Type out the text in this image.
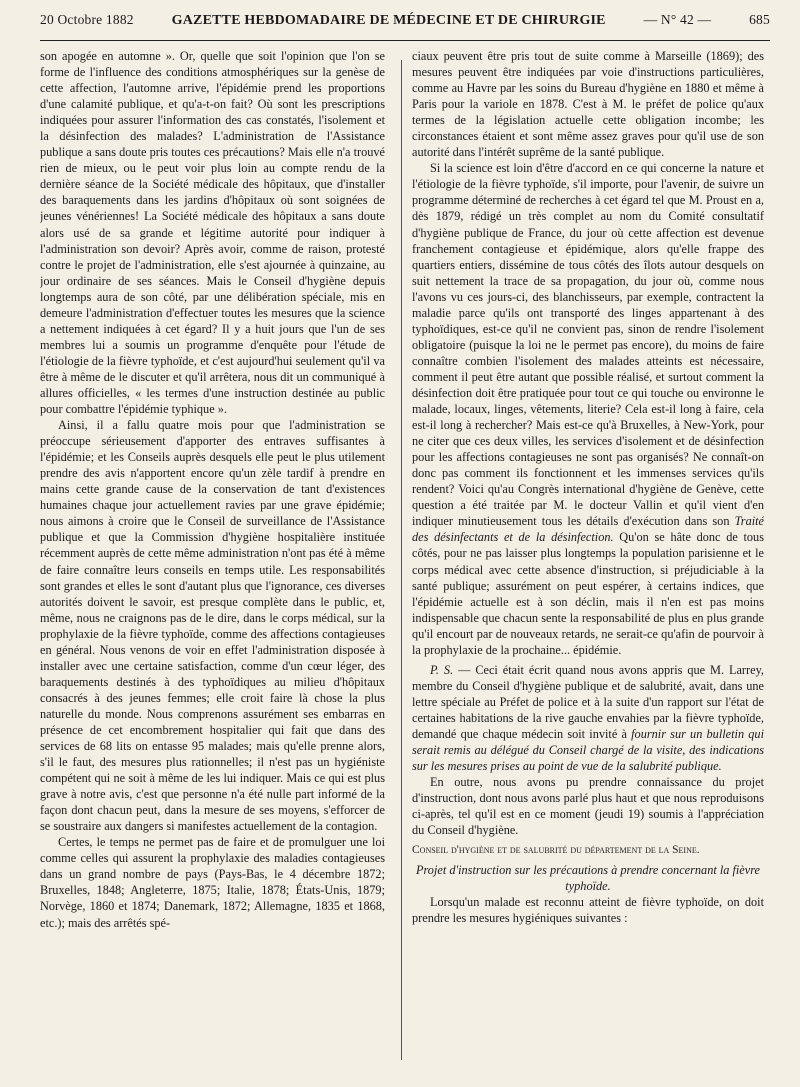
20 Octobre 1882	GAZETTE HEBDOMADAIRE DE MÉDECINE ET DE CHIRURGIE	— N° 42 —	685

son apogée en automne ». Or, quelle que soit l'opinion que l'on se forme de l'influence des conditions atmosphériques sur la genèse de cette affection, l'automne arrive, l'épidémie prend les proportions d'une calamité publique, et qu'a-t-on fait? Où sont les prescriptions indiquées pour assurer l'information des cas constatés, l'isolement et la désinfection des malades? L'administration de l'Assistance publique a sans doute pris toutes ces précautions? Mais elle n'a trouvé rien de mieux, ou le peut voir plus loin au compte rendu de la dernière séance de la Société médicale des hôpitaux, que d'installer des baraquements dans les jardins d'hôpitaux où sont soignées de jeunes vénériennes! La Société médicale des hôpitaux a sans doute alors usé de sa grande et légitime autorité pour indiquer à l'administration son devoir? Après avoir, comme de raison, protesté contre le projet de l'administration, elle s'est ajournée à quinzaine, au jour ordinaire de ses séances. Mais le Conseil d'hygiène depuis longtemps aura de son côté, par une délibération spéciale, mis en demeure l'administration d'effectuer toutes les mesures que la science a nettement indiquées à cet égard? Il y a huit jours que l'un de ses membres lui a soumis un programme d'enquête pour l'étude de l'étiologie de la fièvre typhoïde, et c'est aujourd'hui seulement qu'il va être à même de le discuter et qu'il arrêtera, nous dit un communiqué à allures officielles, « les termes d'une instruction destinée au public pour combattre l'épidémie typhique ».

Ainsi, il a fallu quatre mois pour que l'administration se préoccupe sérieusement d'apporter des entraves suffisantes à l'épidémie; et les Conseils auprès desquels elle peut le plus utilement prendre des avis n'apportent encore qu'un zèle tardif à prendre en mains cette grande cause de la conservation de tant d'existences humaines chaque jour actuellement ravies par une grave épidémie; nous aimons à croire que le Conseil de surveillance de l'Assistance publique et que la Commission d'hygiène hospitalière instituée récemment auprès de cette même administration n'ont pas été à même de faire connaître leurs conseils en temps utile. Les responsabilités sont grandes et elles le sont d'autant plus que l'ignorance, ces diverses autorités doivent le savoir, est presque complète dans le public, et, même, nous ne craignons pas de le dire, dans le corps médical, sur la prophylaxie de la fièvre typhoïde, comme des affections contagieuses en général. Nous venons de voir en effet l'administration disposée à installer avec une certaine satisfaction, comme d'un cœur léger, des baraquements destinés à des typhoïdiques au milieu d'hôpitaux consacrés à des jeunes femmes; elle croit faire là chose la plus naturelle du monde. Nous comprenons assurément ses embarras en présence de cet encombrement hospitalier qui fait que dans des services de 68 lits on entasse 95 malades; mais qu'elle prenne alors, s'il le faut, des mesures plus rationnelles; il n'est pas un hygiéniste compétent qui ne soit à même de les lui indiquer. Mais ce qui est plus grave à notre avis, c'est que personne n'a été nulle part informé de la façon dont chacun peut, dans la mesure de ses moyens, s'efforcer de se soustraire aux dangers si manifestes actuellement de la contagion.

Certes, le temps ne permet pas de faire et de promulguer une loi comme celles qui assurent la prophylaxie des maladies contagieuses dans un grand nombre de pays (Pays-Bas, le 4 décembre 1872; Bruxelles, 1848; Angleterre, 1875; Italie, 1878; États-Unis, 1879; Norvège, 1860 et 1874; Danemark, 1872; Allemagne, 1835 et 1868, etc.); mais des arrêtés spé-

ciaux peuvent être pris tout de suite comme à Marseille (1869); des mesures peuvent être indiquées par voie d'instructions particulières, comme au Havre par les soins du Bureau d'hygiène en 1880 et même à Paris pour la variole en 1878. C'est à M. le préfet de police qu'aux termes de la législation actuelle cette obligation incombe; les circonstances étaient et sont même assez graves pour qu'il use de son autorité dans l'intérêt suprême de la santé publique.

Si la science est loin d'être d'accord en ce qui concerne la nature et l'étiologie de la fièvre typhoïde, s'il importe, pour l'avenir, de suivre un programme déterminé de recherches à cet égard tel que M. Proust en a, dès 1879, rédigé un très complet au nom du Comité consultatif d'hygiène publique de France, du jour où cette affection est devenue franchement contagieuse et épidémique, alors qu'elle frappe des quartiers entiers, dissémine de tous côtés des îlots autour desquels on suit nettement la trace de sa propagation, du jour où, comme nous l'avons vu ces jours-ci, des blanchisseurs, par exemple, contractent la maladie parce qu'ils ont transporté des linges appartenant à des typhoïdiques, est-ce qu'il ne convient pas, sinon de rendre l'isolement obligatoire (puisque la loi ne le permet pas encore), du moins de faire connaître combien l'isolement des malades atteints est nécessaire, comment il peut être autant que possible réalisé, et surtout comment la désinfection doit être pratiquée pour tout ce qui touche ou environne le malade, locaux, linges, vêtements, literie? Cela est-il long à faire, cela est-il long à rechercher? Mais est-ce qu'à Bruxelles, à New-York, pour ne citer que ces deux villes, les services d'isolement et de désinfection pour les affections contagieuses ne sont pas organisés? Ne connaît-on donc pas comment ils fonctionnent et les immenses services qu'ils rendent? Voici qu'au Congrès international d'hygiène de Genève, cette question a été traitée par M. le docteur Vallin et qu'il vient d'en indiquer minutieusement tous les détails d'exécution dans son Traité des désinfectants et de la désinfection. Qu'on se hâte donc de tous côtés, pour ne pas laisser plus longtemps la population parisienne et le corps médical avec cette absence d'instruction, si préjudiciable à la santé publique; assurément on peut espérer, à certains indices, que l'épidémie actuelle est à son déclin, mais il n'en est pas moins indispensable que chacun sente la responsabilité de plus en plus grande qu'il encourt par de nouveaux retards, ne serait-ce qu'afin de pourvoir à la prophylaxie de la prochaine... épidémie.

P. S. — Ceci était écrit quand nous avons appris que M. Larrey, membre du Conseil d'hygiène publique et de salubrité, avait, dans une lettre spéciale au Préfet de police et à la suite d'un rapport sur l'état de certaines habitations de la rive gauche envahies par la fièvre typhoïde, demandé que chaque médecin soit invité à fournir sur un bulletin qui serait remis au délégué du Conseil chargé de la visite, des indications sur les mesures prises au point de vue de la salubrité publique.

En outre, nous avons pu prendre connaissance du projet d'instruction, dont nous avons parlé plus haut et que nous reproduisons ci-après, tel qu'il est en ce moment (jeudi 19) soumis à l'appréciation du Conseil d'hygiène.

Conseil d'hygiène et de salubrité du département de la Seine.

Projet d'instruction sur les précautions à prendre concernant la fièvre typhoïde.

Lorsqu'un malade est reconnu atteint de fièvre typhoïde, on doit prendre les mesures hygiéniques suivantes :
